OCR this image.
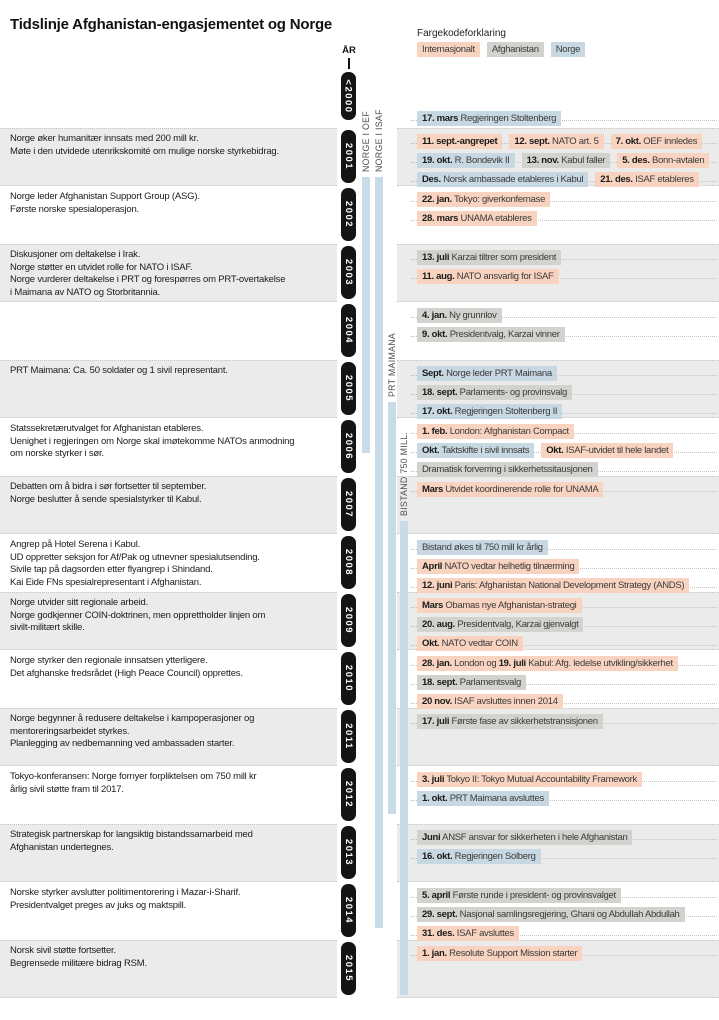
Tidslinje Afghanistan-engasjementet og Norge
Fargekodeforklaring
Internasjonalt	Afghanistan	Norge
ÅR
NORGE I OEF NORGE I ISAF
PRT MAIMANA
BISTAND 750 MILL.
<2000
17. mars Regjeringen Stoltenberg
Norge øker humanitær innsats med 200 mill kr.
Møte i den utvidede utenrikskomité om mulige norske styrkebidrag.	2001
11. sept.-angrepet 12. sept. NATO art. 5 7. okt. OEF innledes
19. okt. R. Bondevik II 13. nov. Kabul faller 5. des. Bonn-avtalen
Des. Norsk ambassade etableres i Kabul 21. des. ISAF etableres
Norge leder Afghanistan Support Group (ASG).
Første norske spesialoperasjon.	2002
22. jan. Tokyo: giverkonfernase
28. mars UNAMA etableres
Diskusjoner om deltakelse i Irak.
Norge støtter en utvidet rolle for NATO i ISAF.
Norge vurderer deltakelse i PRT og forespørres om PRT-overtakelse
i Maimana av NATO og Storbritannia.
2003
13. juli Karzai tiltrer som president
11. aug. NATO ansvarlig for ISAF
2004
4. jan. Ny grunnlov
9. okt. Presidentvalg, Karzai vinner
PRT Maimana: Ca. 50 soldater og 1 sivil representant.
2005
Sept. Norge leder PRT Maimana
18. sept. Parlaments- og provinsvalg
17. okt. Regjeringen Stoltenberg II
Statssekretærutvalget for Afghanistan etableres.
Uenighet i regjeringen om Norge skal imøtekomme NATOs anmodning
om norske styrker i sør.	2006
1. feb. London: Afghanistan Compact
Okt. Taktskifte i sivil innsats Okt. ISAF-utvidet til hele landet
Dramatisk forverring i sikkerhetssitausjonen
Debatten om å bidra i sør fortsetter til september.
Norge beslutter å sende spesialstyrker til Kabul.	2007
Mars Utvidet koordinerende rolle for UNAMA
Angrep på Hotel Serena i Kabul.
UD oppretter seksjon for Af/Pak og utnevner spesialutsending.
Sivile tap på dagsorden etter flyangrep i Shindand.
Kai Eide FNs spesialrepresentant i Afghanistan.
2008
Bistand økes til 750 mill kr årlig
April NATO vedtar helhetlig tilnærming
12. juni Paris: Afghanistan National Development Strategy (ANDS)
Norge utvider sitt regionale arbeid.
Norge godkjenner COIN-doktrinen, men opprettholder linjen om
sivilt-militært skille.	2009
Mars Obamas nye Afghanistan-strategi
20. aug. Presidentvalg, Karzai gjenvalgt
Okt. NATO vedtar COIN
Norge styrker den regionale innsatsen ytterligere.
Det afghanske fredsrådet (High Peace Council) opprettes.	2010
28. jan. London og 19. juli Kabul: Afg. ledelse utvikling/sikkerhet
18. sept. Parlamentsvalg
20 nov. ISAF avsluttes innen 2014
Norge begynner å redusere deltakelse i kampoperasjoner og
mentoreringsarbeidet styrkes.
Planlegging av nedbemanning ved ambassaden starter.	2011
17. juli Første fase av sikkerhetstransisjonen
Tokyo-konferansen: Norge fornyer forpliktelsen om 750 mill kr
årlig sivil støtte fram til 2017.	2012
3. juli Tokyo II: Tokyo Mutual Accountability Framework
1. okt. PRT Maimana avsluttes
Strategisk partnerskap for langsiktig bistandssamarbeid med
Afghanistan undertegnes.	2013
Juni ANSF ansvar for sikkerheten i hele Afghanistan
16. okt. Regjeringen Solberg
Norske styrker avslutter politimentorering i Mazar-i-Sharif.
Presidentvalget preges av juks og maktspill.	2014
5. april Første runde i president- og provinsvalget
29. sept. Nasjonal samlingsregjering, Ghani og Abdullah Abdullah
31. des. ISAF avsluttes
Norsk sivil støtte fortsetter.
Begrensede militære bidrag RSM.	2015
1. jan. Resolute Support Mission starter
